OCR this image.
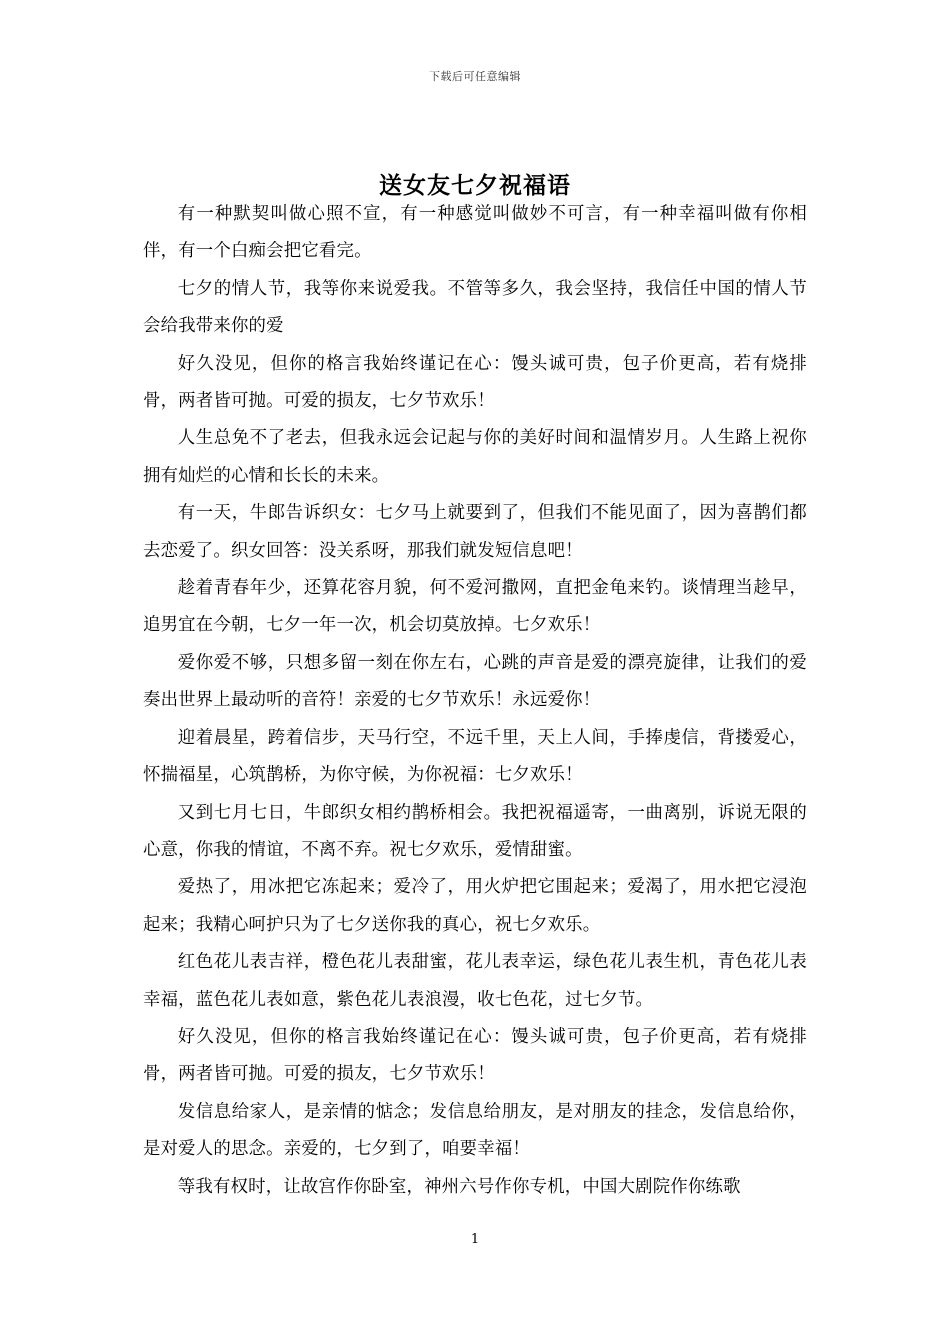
下载后可任意编辑
送女友七夕祝福语

有一种默契叫做心照不宣，有一种感觉叫做妙不可言，有一种幸福叫做有你相伴，有一个白痴会把它看完。

七夕的情人节，我等你来说爱我。不管等多久，我会坚持，我信任中国的情人节会给我带来你的爱

好久没见，但你的格言我始终谨记在心：馒头诚可贵，包子价更高，若有烧排骨，两者皆可抛。可爱的损友，七夕节欢乐！

人生总免不了老去，但我永远会记起与你的美好时间和温情岁月。人生路上祝你拥有灿烂的心情和长长的未来。

有一天，牛郎告诉织女：七夕马上就要到了，但我们不能见面了，因为喜鹊们都去恋爱了。织女回答：没关系呀，那我们就发短信息吧！

趁着青春年少，还算花容月貌，何不爱河撒网，直把金龟来钓。谈情理当趁早，追男宜在今朝，七夕一年一次，机会切莫放掉。七夕欢乐！

爱你爱不够，只想多留一刻在你左右，心跳的声音是爱的漂亮旋律，让我们的爱奏出世界上最动听的音符！亲爱的七夕节欢乐！永远爱你！

迎着晨星，跨着信步，天马行空，不远千里，天上人间，手捧虔信，背搂爱心，怀揣福星，心筑鹊桥，为你守候，为你祝福：七夕欢乐！

又到七月七日，牛郎织女相约鹊桥相会。我把祝福遥寄，一曲离别，诉说无限的心意，你我的情谊，不离不弃。祝七夕欢乐，爱情甜蜜。

爱热了，用冰把它冻起来；爱冷了，用火炉把它围起来；爱渴了，用水把它浸泡起来；我精心呵护只为了七夕送你我的真心，祝七夕欢乐。

红色花儿表吉祥，橙色花儿表甜蜜，花儿表幸运，绿色花儿表生机，青色花儿表幸福，蓝色花儿表如意，紫色花儿表浪漫，收七色花，过七夕节。

好久没见，但你的格言我始终谨记在心：馒头诚可贵，包子价更高，若有烧排骨，两者皆可抛。可爱的损友，七夕节欢乐！

发信息给家人，是亲情的惦念；发信息给朋友，是对朋友的挂念，发信息给你，是对爱人的思念。亲爱的，七夕到了，咱要幸福！

等我有权时，让故宫作你卧室，神州六号作你专机，中国大剧院作你练歌

1
